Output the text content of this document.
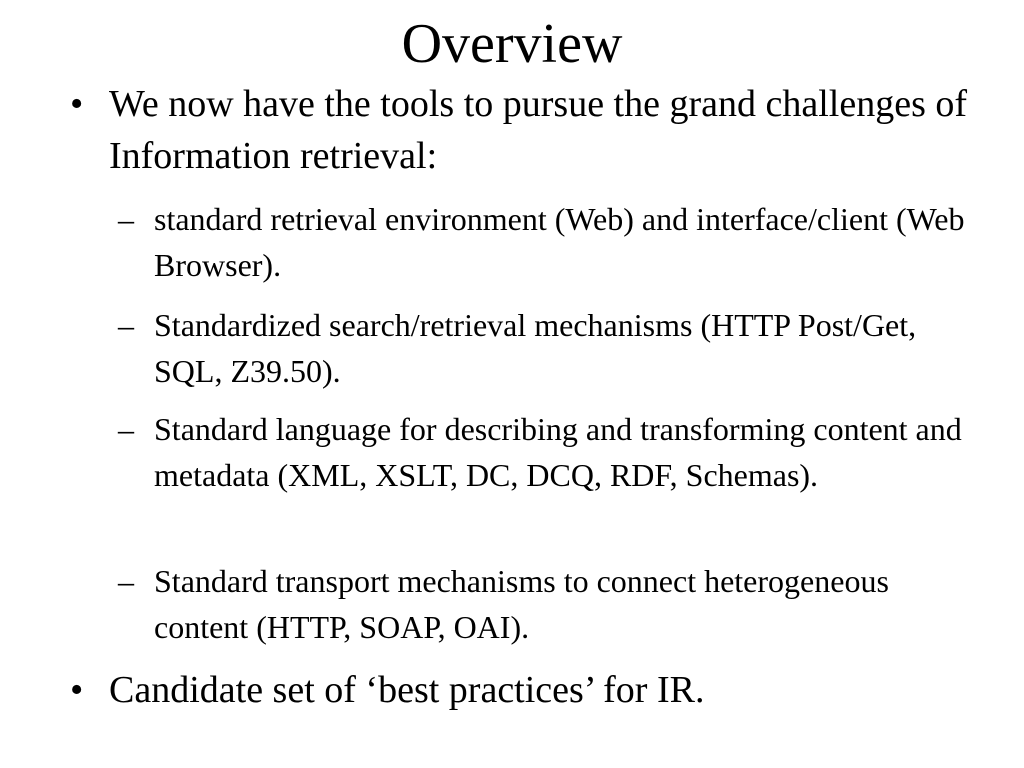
Overview
• We now have the tools to pursue the grand challenges of Information retrieval:
– standard retrieval environment (Web) and interface/client (Web Browser).
– Standardized search/retrieval mechanisms (HTTP Post/Get, SQL, Z39.50).
– Standard language for describing and transforming content and metadata (XML, XSLT, DC, DCQ, RDF, Schemas).
– Standard transport mechanisms to connect heterogeneous content (HTTP, SOAP, OAI).
• Candidate set of ‘best practices’ for IR.
